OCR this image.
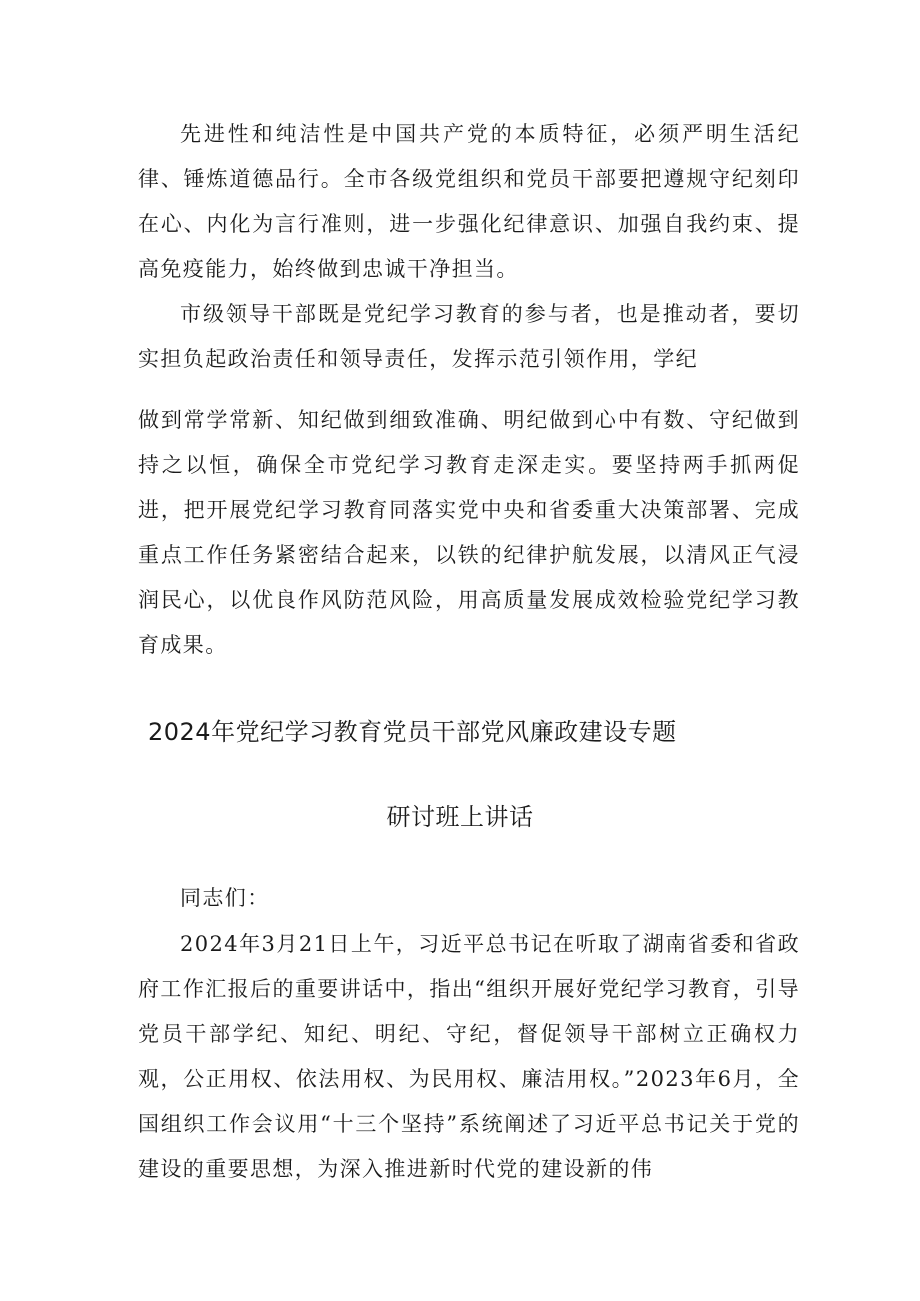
先进性和纯洁性是中国共产党的本质特征，必须严明生活纪律、锤炼道德品行。全市各级党组织和党员干部要把遵规守纪刻印在心、内化为言行准则，进一步强化纪律意识、加强自我约束、提高免疫能力，始终做到忠诚干净担当。

市级领导干部既是党纪学习教育的参与者，也是推动者，要切实担负起政治责任和领导责任，发挥示范引领作用，学纪

做到常学常新、知纪做到细致准确、明纪做到心中有数、守纪做到持之以恒，确保全市党纪学习教育走深走实。要坚持两手抓两促进，把开展党纪学习教育同落实党中央和省委重大决策部署、完成重点工作任务紧密结合起来，以铁的纪律护航发展，以清风正气浸润民心，以优良作风防范风险，用高质量发展成效检验党纪学习教育成果。

2024年党纪学习教育党员干部党风廉政建设专题
研讨班上讲话

同志们：

2024年3月21日上午，习近平总书记在听取了湖南省委和省政府工作汇报后的重要讲话中，指出“组织开展好党纪学习教育，引导党员干部学纪、知纪、明纪、守纪，督促领导干部树立正确权力观，公正用权、依法用权、为民用权、廉洁用权。”2023年6月，全国组织工作会议用“十三个坚持”系统阐述了习近平总书记关于党的建设的重要思想，为深入推进新时代党的建设新的伟
